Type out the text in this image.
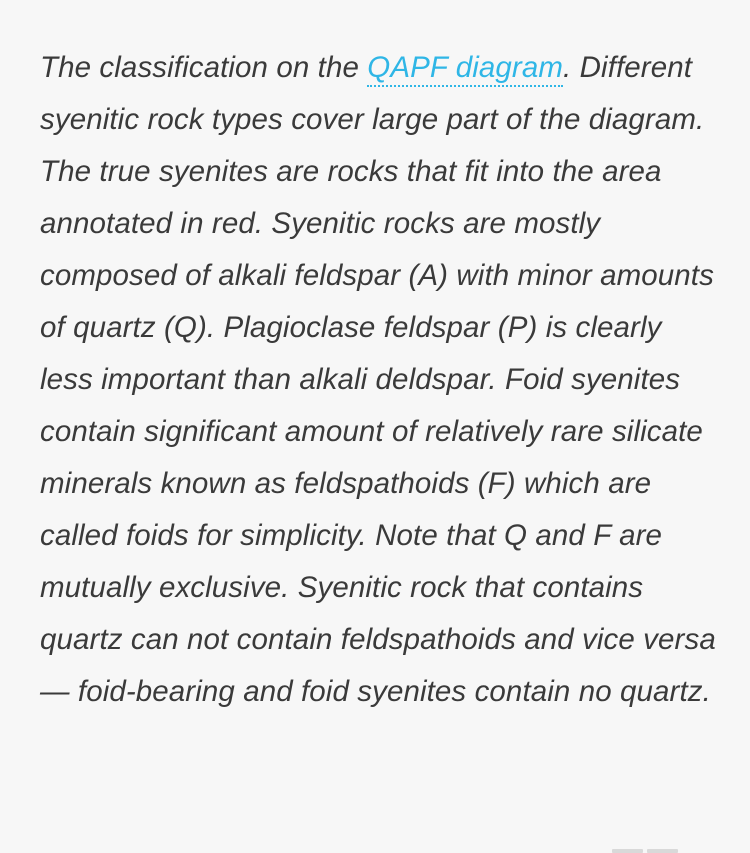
The classification on the QAPF diagram. Different syenitic rock types cover large part of the diagram. The true syenites are rocks that fit into the area annotated in red. Syenitic rocks are mostly composed of alkali feldspar (A) with minor amounts of quartz (Q). Plagioclase feldspar (P) is clearly less important than alkali deldspar. Foid syenites contain significant amount of relatively rare silicate minerals known as feldspathoids (F) which are called foids for simplicity. Note that Q and F are mutually exclusive. Syenitic rock that contains quartz can not contain feldspathoids and vice versa — foid-bearing and foid syenites contain no quartz.
